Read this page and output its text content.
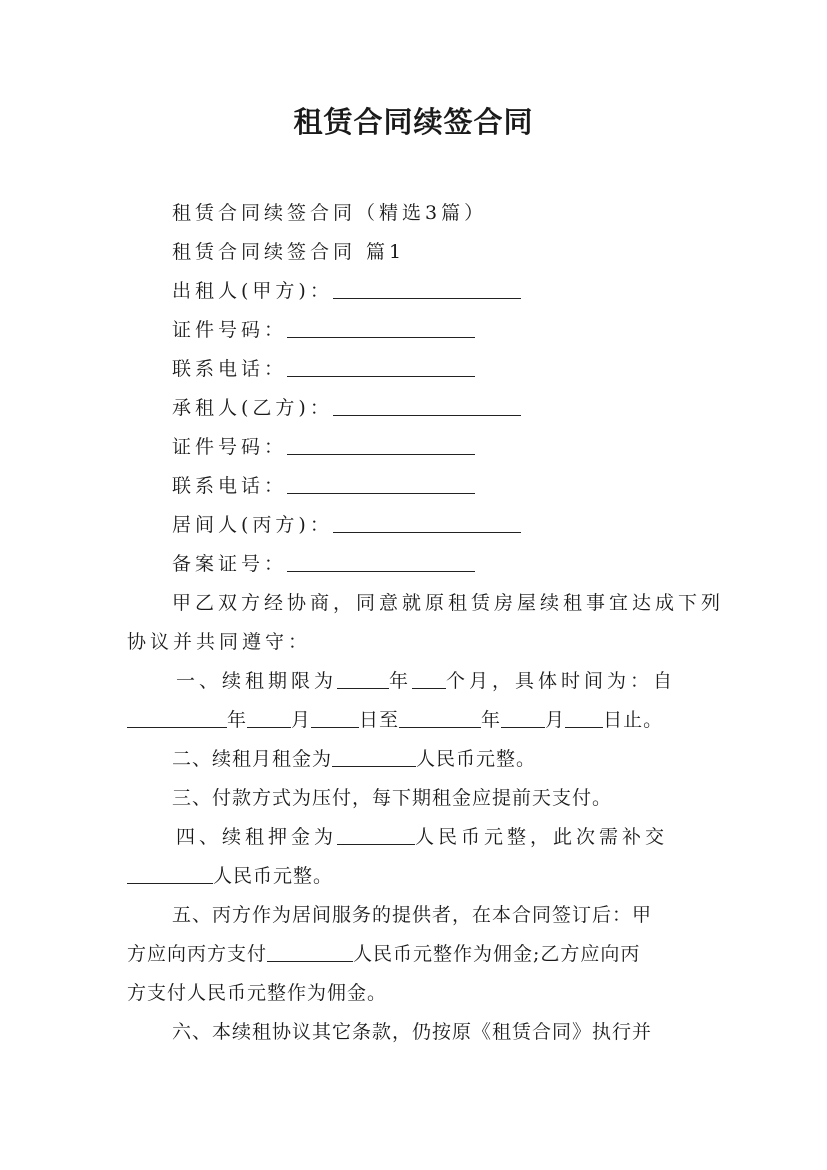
租赁合同续签合同
租赁合同续签合同（精选3篇）
租赁合同续签合同 篇1
出租人(甲方)：
证件号码：
联系电话：
承租人(乙方)：
证件号码：
联系电话：
居间人(丙方)：
备案证号：
甲乙双方经协商，同意就原租赁房屋续租事宜达成下列
协议并共同遵守：
一、续租期限为	年 个月，具体时间为：自
年 月	日至	年 月 日止。
二、续租月租金为	人民币元整。
三、付款方式为压付，每下期租金应提前天支付。
四、续租押金为	人民币元整，此次需补交
人民币元整。
五、丙方作为居间服务的提供者，在本合同签订后：甲
方应向丙方支付	人民币元整作为佣金;乙方应向丙
方支付人民币元整作为佣金。
六、本续租协议其它条款，仍按原《租赁合同》执行并
